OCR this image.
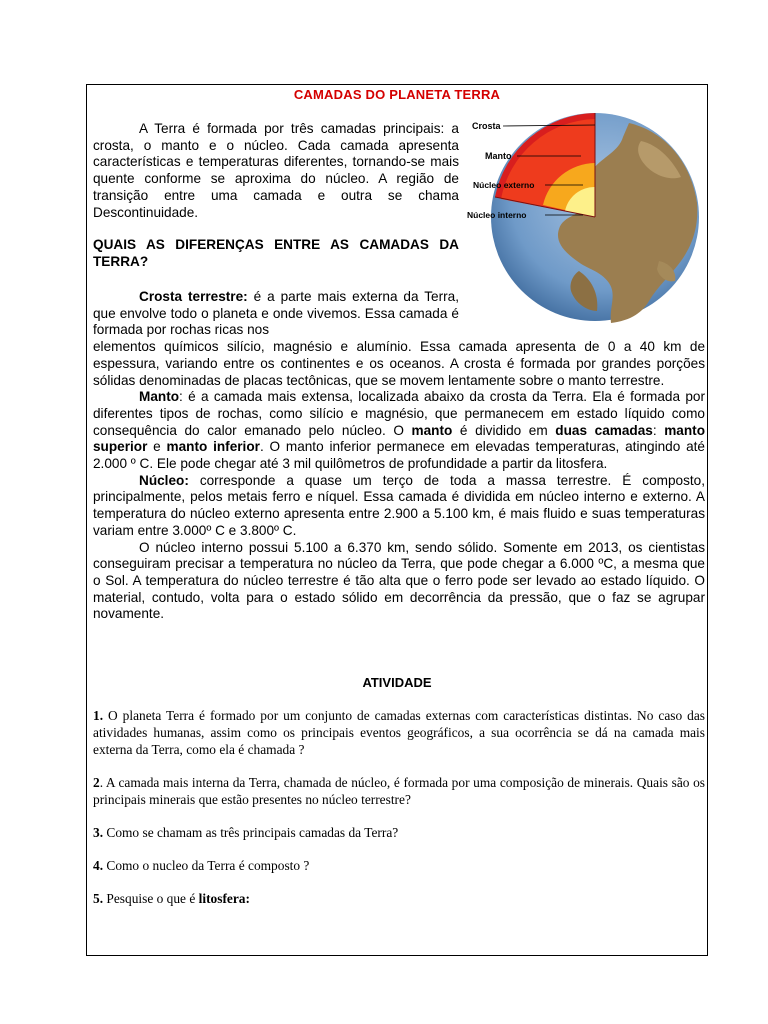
CAMADAS DO PLANETA TERRA

A Terra é formada por três camadas principais: a crosta, o manto e o núcleo. Cada camada apresenta características e temperaturas diferentes, tornando-se mais quente conforme se aproxima do núcleo. A região de transição entre uma camada e outra se chama Descontinuidade.

QUAIS AS DIFERENÇAS ENTRE AS CAMADAS DA TERRA?
Crosta
Manto
Núcleo externo
Núcleo interno

Crosta terrestre: é a parte mais externa da Terra, que envolve todo o planeta e onde vivemos. Essa camada é formada por rochas ricas nos

elementos químicos silício, magnésio e alumínio. Essa camada apresenta de 0 a 40 km de espessura, variando entre os continentes e os oceanos. A crosta é formada por grandes porções sólidas denominadas de placas tectônicas, que se movem lentamente sobre o manto terrestre.

Manto: é a camada mais extensa, localizada abaixo da crosta da Terra. Ela é formada por diferentes tipos de rochas, como silício e magnésio, que permanecem em estado líquido como consequência do calor emanado pelo núcleo. O manto é dividido em duas camadas: manto superior e manto inferior. O manto inferior permanece em elevadas temperaturas, atingindo até 2.000 º C. Ele pode chegar até 3 mil quilômetros de profundidade a partir da litosfera.

Núcleo: corresponde a quase um terço de toda a massa terrestre. É composto, principalmente, pelos metais ferro e níquel. Essa camada é dividida em núcleo interno e externo. A temperatura do núcleo externo apresenta entre 2.900 a 5.100 km, é mais fluido e suas temperaturas variam entre 3.000º C e 3.800º C.

O núcleo interno possui 5.100 a 6.370 km, sendo sólido. Somente em 2013, os cientistas conseguiram precisar a temperatura no núcleo da Terra, que pode chegar a 6.000 ºC, a mesma que o Sol. A temperatura do núcleo terrestre é tão alta que o ferro pode ser levado ao estado líquido. O material, contudo, volta para o estado sólido em decorrência da pressão, que o faz se agrupar novamente.

ATIVIDADE

1. O planeta Terra é formado por um conjunto de camadas externas com características distintas. No caso das atividades humanas, assim como os principais eventos geográficos, a sua ocorrência se dá na camada mais externa da Terra, como ela é chamada ?

2. A camada mais interna da Terra, chamada de núcleo, é formada por uma composição de minerais. Quais são os principais minerais que estão presentes no núcleo terrestre?

3. Como se chamam as três principais camadas da Terra?

4. Como o nucleo da Terra é composto ?

5. Pesquise o que é litosfera:
